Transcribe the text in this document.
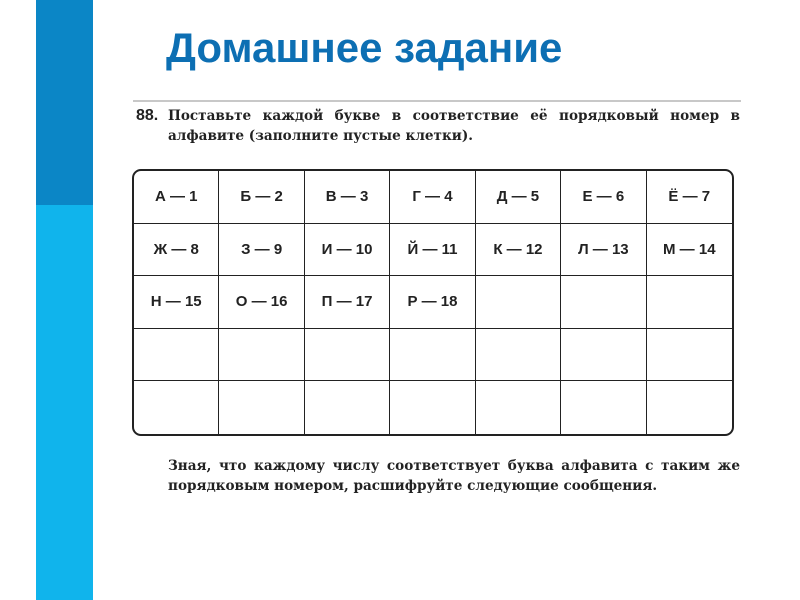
Домашнее задание
88. Поставьте каждой букве в соответствие её порядковый номер в алфавите (заполните пустые клетки).
А — 1	Б — 2	В — 3	Г — 4	Д — 5	Е — 6	Ё — 7
Ж — 8	З — 9	И — 10	Й — 11	К — 12	Л — 13	М — 14
Н — 15	О — 16	П — 17	Р — 18
Зная, что каждому числу соответствует буква алфавита с таким же порядковым номером, расшифруйте следующие сообщения.
